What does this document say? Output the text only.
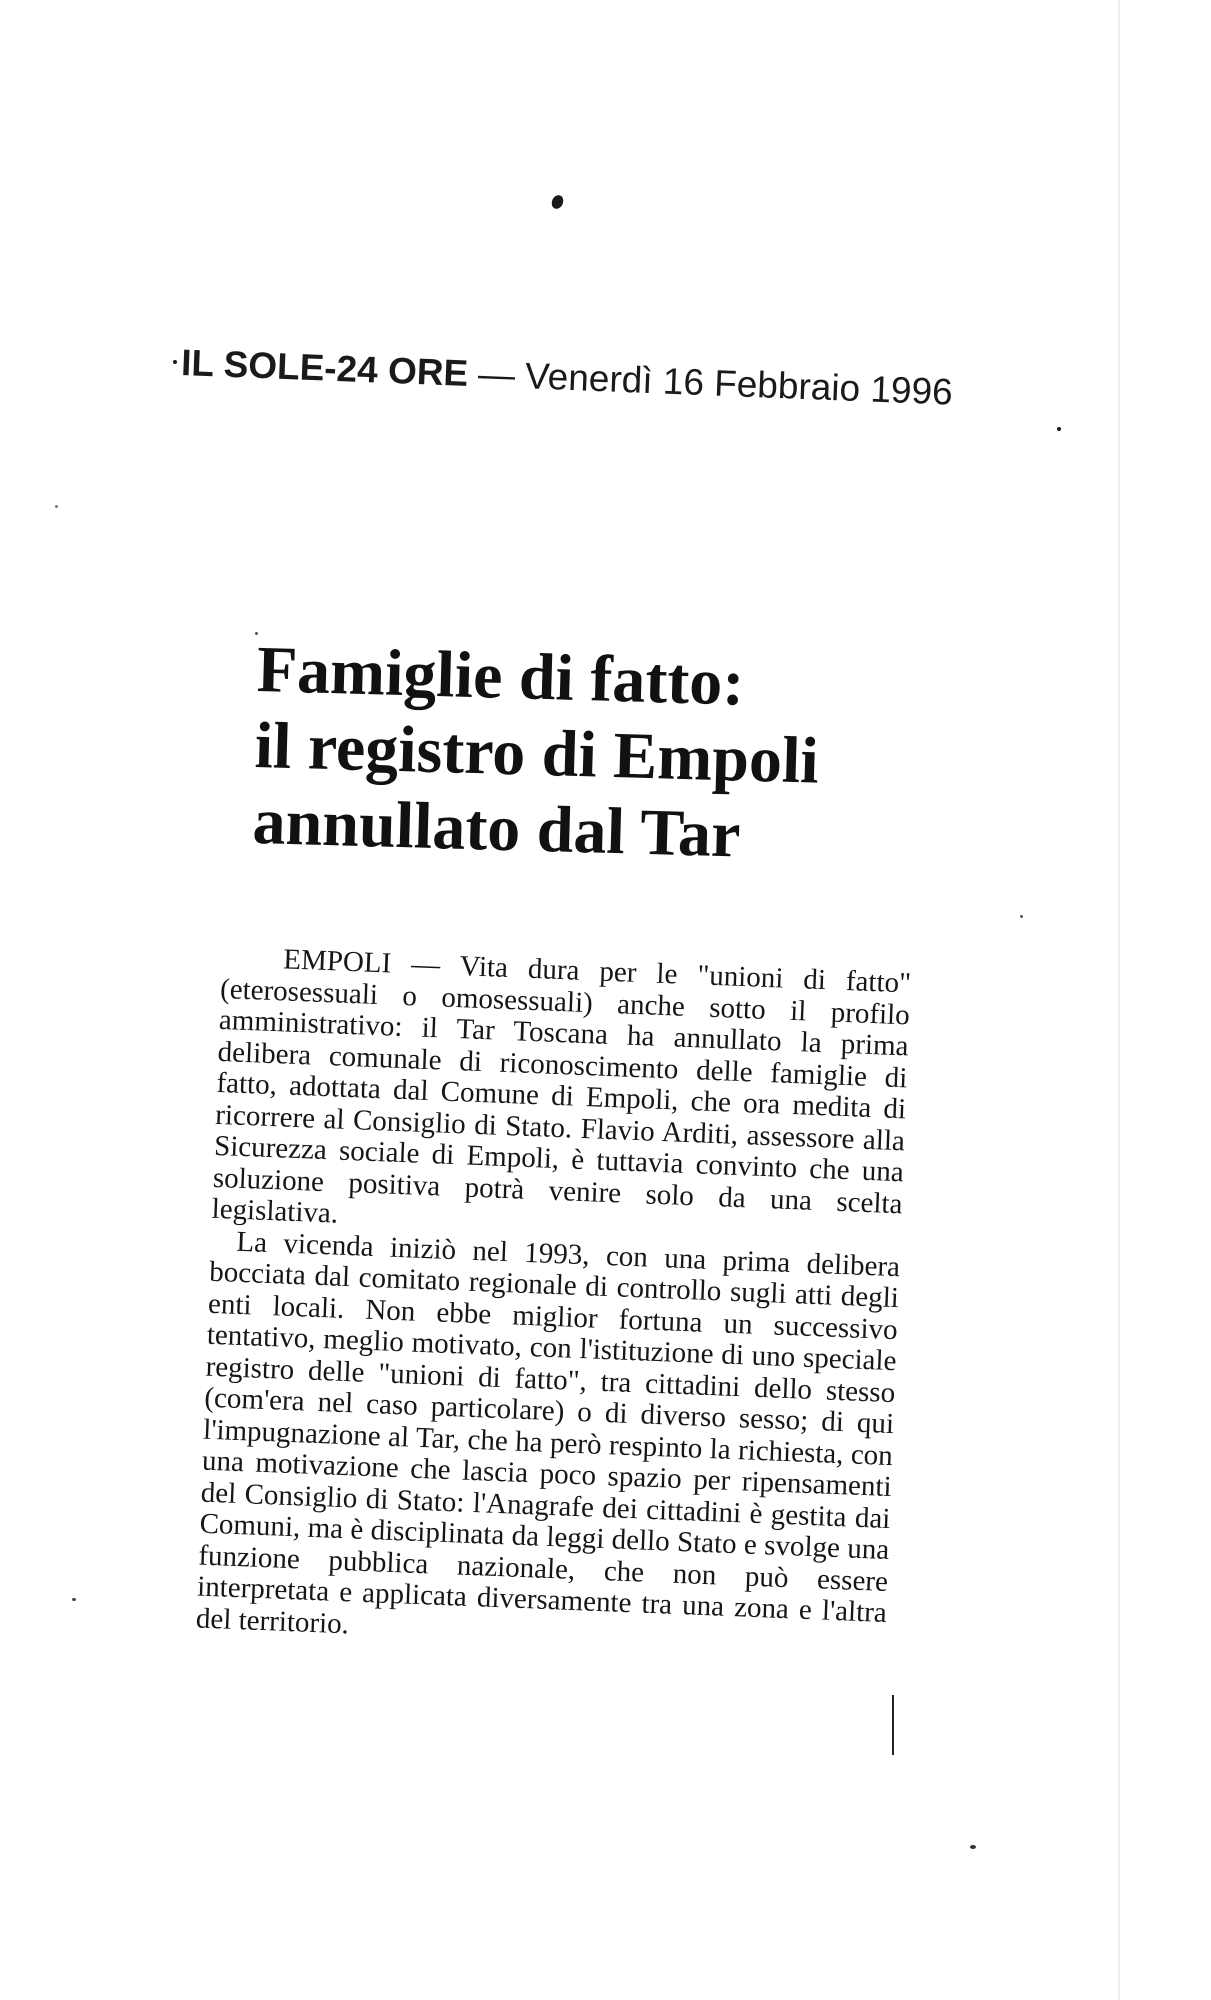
IL SOLE-24 ORE — Venerdì 16 Febbraio 1996
Famiglie di fatto:
il registro di Empoli
annullato dal Tar

EMPOLI — Vita dura per le "unioni di fatto" (eterosessuali o omosessuali) anche sotto il profilo amministrativo: il Tar Toscana ha annullato la prima delibera comunale di riconoscimento delle famiglie di fatto, adottata dal Comune di Empoli, che ora medita di ricorrere al Consiglio di Stato. Flavio Arditi, assessore alla Sicurezza sociale di Empoli, è tuttavia convinto che una soluzione positiva potrà venire solo da una scelta legislativa.

La vicenda iniziò nel 1993, con una prima delibera bocciata dal comitato regionale di controllo sugli atti degli enti locali. Non ebbe miglior fortuna un successivo tentativo, meglio motivato, con l'istituzione di uno speciale registro delle "unioni di fatto", tra cittadini dello stesso (com'era nel caso particolare) o di diverso sesso; di qui l'impugnazione al Tar, che ha però respinto la richiesta, con una motivazione che lascia poco spazio per ripensamenti del Consiglio di Stato: l'Anagrafe dei cittadini è gestita dai Comuni, ma è disciplinata da leggi dello Stato e svolge una funzione pubblica nazionale, che non può essere interpretata e applicata diversamente tra una zona e l'altra del territorio.
